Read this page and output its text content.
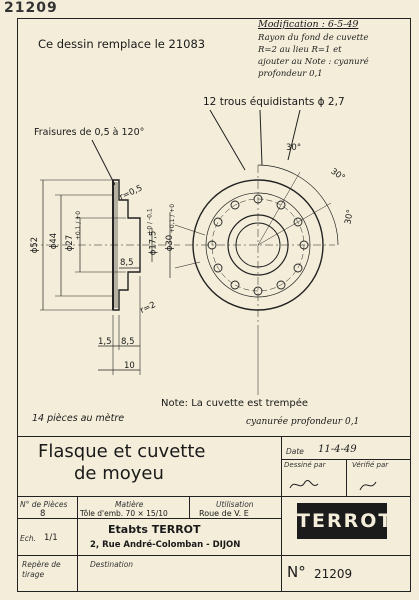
21209
Ce dessin remplace le 21083
Modification : 6-5-49
Rayon du fond de cuvette
R=2 au lieu R=1 et
ajouter au Note : cyanuré
profondeur 0,1
12 trous équidistants ϕ 2,7
Fraisures de 0,5 à 120°
ϕ52 ϕ44 ϕ27
+0,1 / +0
ϕ17,5
+0 / -0,1
ϕ30
+0,1 / +0
r=0,5
r=2
8,5
1,5 8,5
10
30°
30°
30°
Note: La cuvette est trempée
cyanurée profondeur 0,1
14 pièces au mètre
Flasque et cuvette
de moyeu
Date 11-4-49
Dessiné par	Vérifié par
N° de Pièces
8
Matière
Tôle d'emb. 70 × 15/10
Utilisation
Roue de V. E
Ech. 1/1
Etabts TERROT
2, Rue André-Colomban - DIJON
TERROT
Repère de tirage
Destination	N° 21209
